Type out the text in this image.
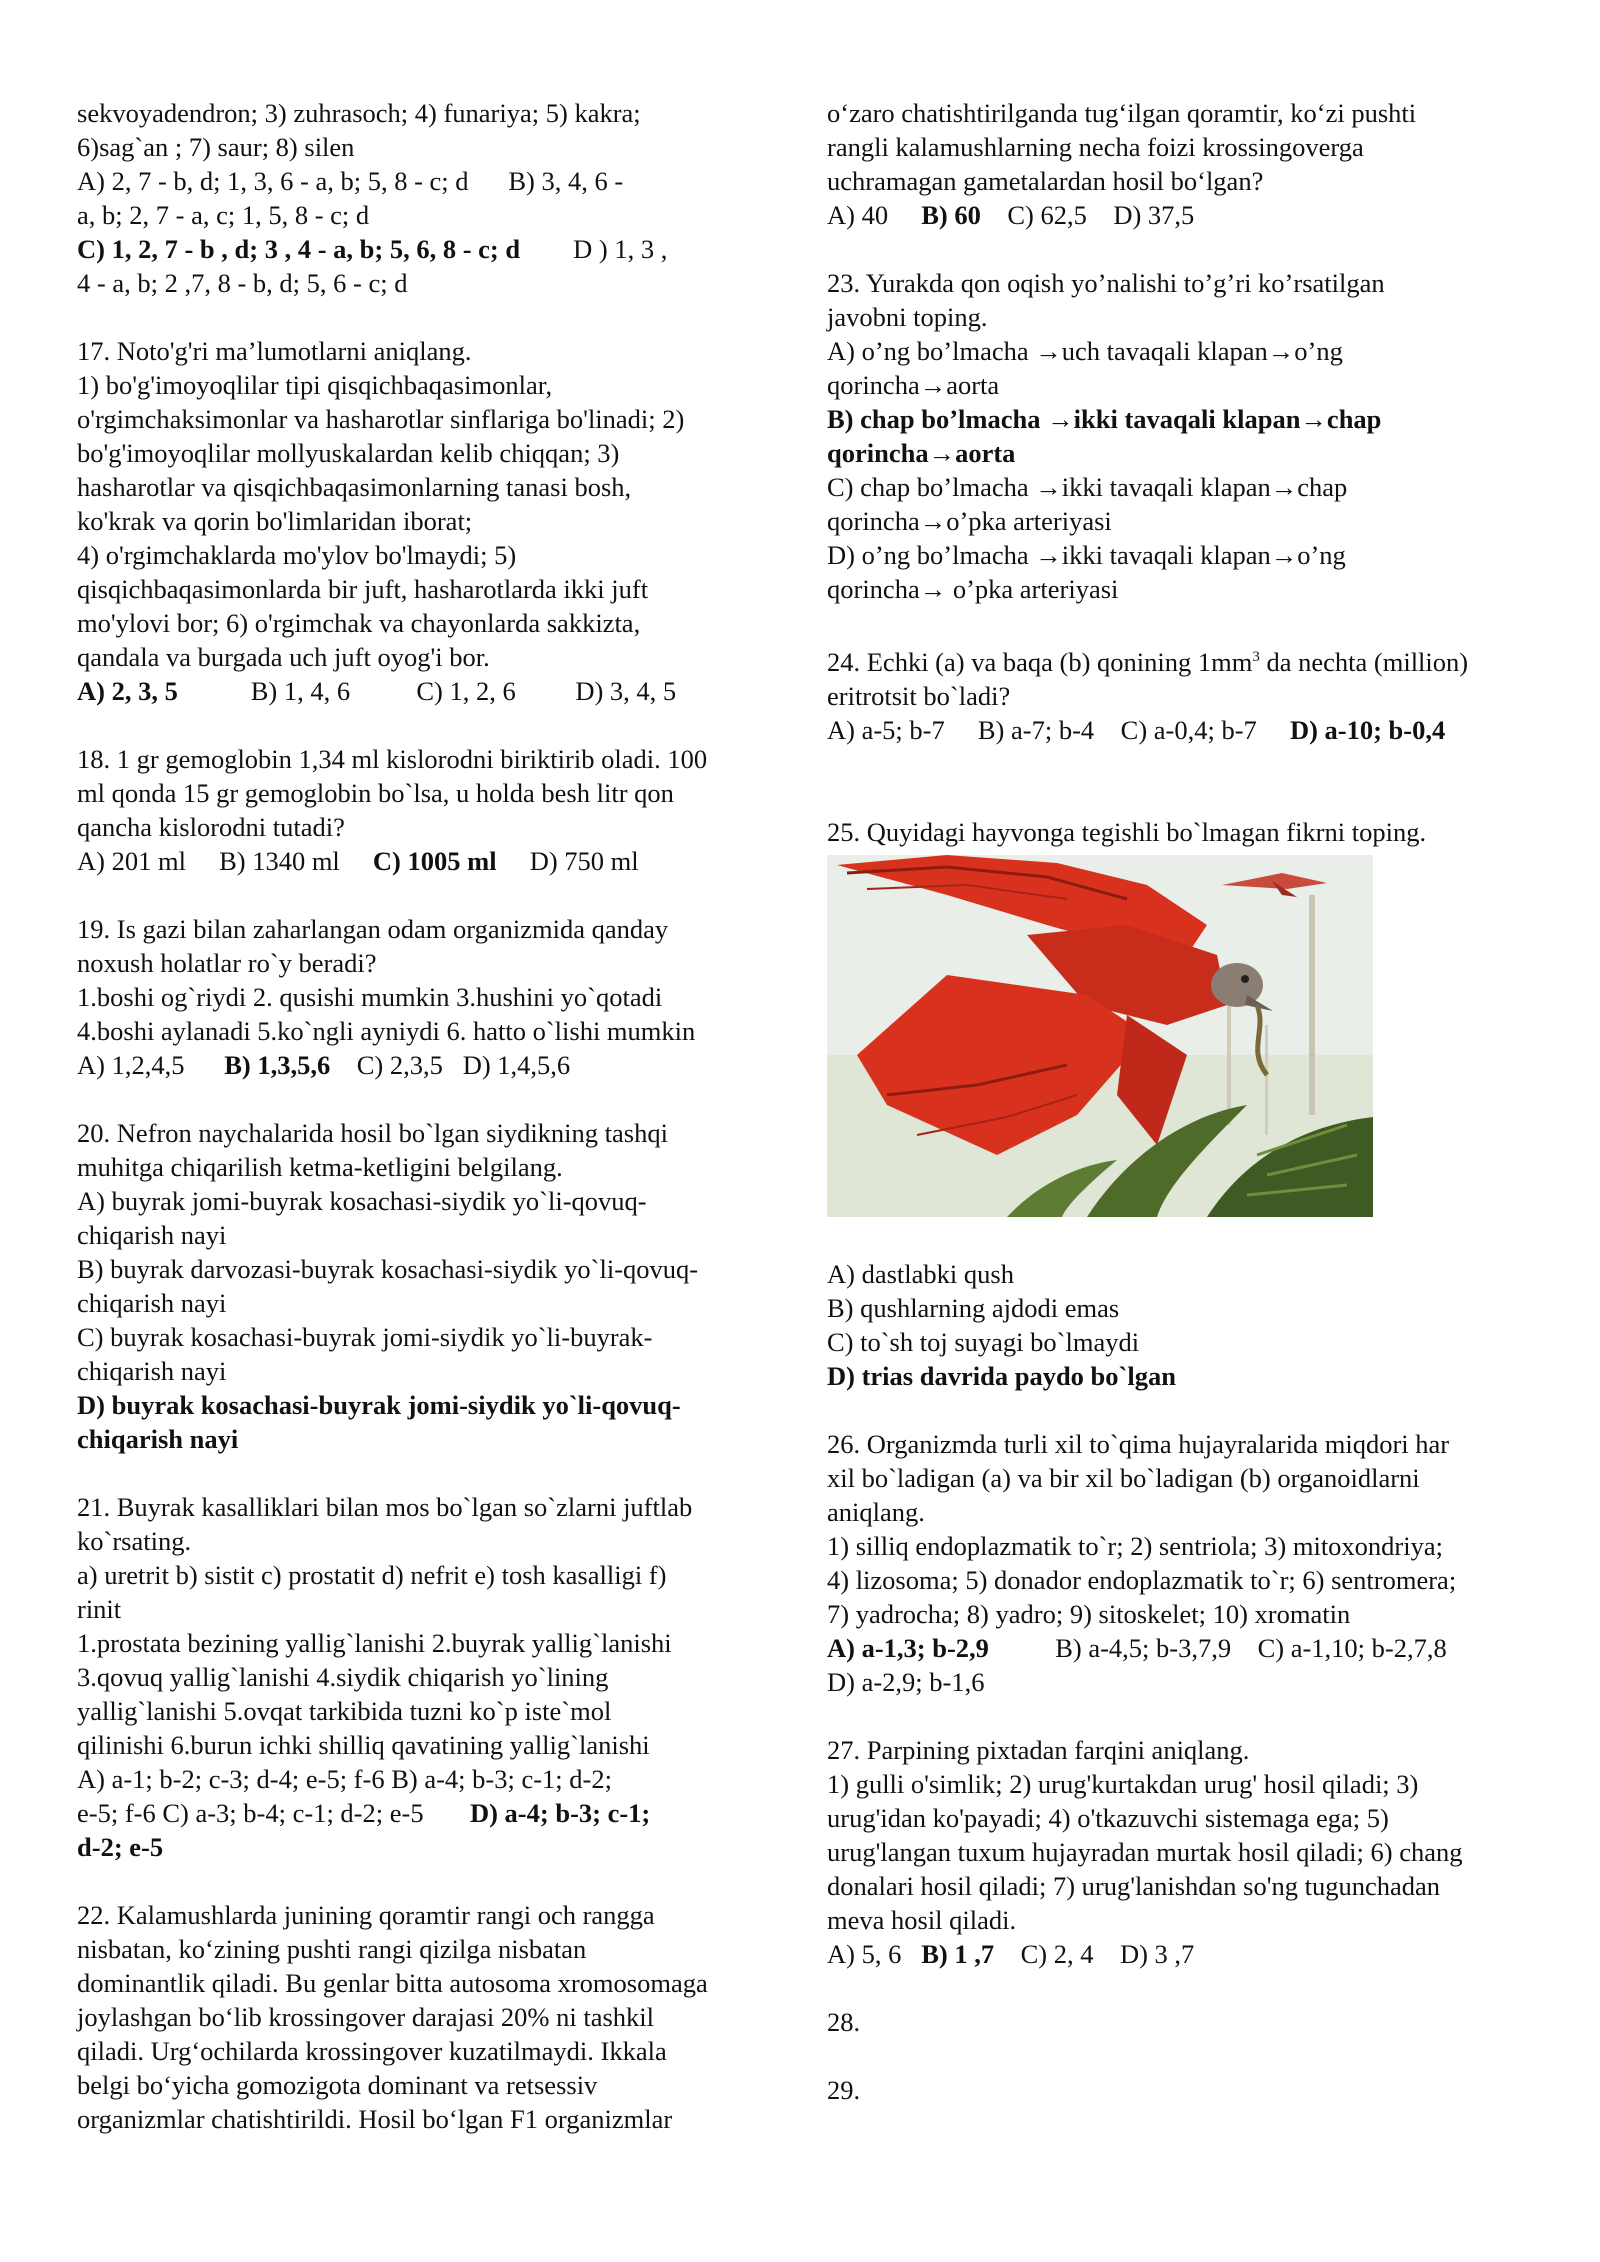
sekvoyadendron; 3) zuhrasoch; 4) funariya; 5) kakra;

6)sag`an ; 7) saur; 8) silen

A) 2, 7 - b, d; 1, 3, 6 - a, b; 5, 8 - c; d B) 3, 4, 6 -

a, b; 2, 7 - a, c; 1, 5, 8 - c; d

C) 1, 2, 7 - b , d; 3 , 4 - a, b; 5, 6, 8 - c; d D ) 1, 3 ,

4 - a, b; 2 ,7, 8 - b, d; 5, 6 - c; d

17. Noto'g'ri ma’lumotlarni aniqlang.

1) bo'g'imoyoqlilar tipi qisqichbaqasimonlar,

o'rgimchaksimonlar va hasharotlar sinflariga bo'linadi; 2)

bo'g'imoyoqlilar mollyuskalardan kelib chiqqan; 3)

hasharotlar va qisqichbaqasimonlarning tanasi bosh,

ko'krak va qorin bo'limlaridan iborat;

4) o'rgimchaklarda mo'ylov bo'lmaydi; 5)

qisqichbaqasimonlarda bir juft, hasharotlarda ikki juft

mo'ylovi bor; 6) o'rgimchak va chayonlarda sakkizta,

qandala va burgada uch juft oyog'i bor.

A) 2, 3, 5	B) 1, 4, 6	C) 1, 2, 6 D) 3, 4, 5

18. 1 gr gemoglobin 1,34 ml kislorodni biriktirib oladi. 100

ml qonda 15 gr gemoglobin bo`lsa, u holda besh litr qon

qancha kislorodni tutadi?

A) 201 ml B) 1340 ml C) 1005 ml D) 750 ml

19. Is gazi bilan zaharlangan odam organizmida qanday

noxush holatlar ro`y beradi?

1.boshi og`riydi 2. qusishi mumkin 3.hushini yo`qotadi

4.boshi aylanadi 5.ko`ngli ayniydi 6. hatto o`lishi mumkin

A) 1,2,4,5 B) 1,3,5,6 C) 2,3,5 D) 1,4,5,6

20. Nefron naychalarida hosil bo`lgan siydikning tashqi

muhitga chiqarilish ketma-ketligini belgilang.

A) buyrak jomi-buyrak kosachasi-siydik yo`li-qovuq-

chiqarish nayi

B) buyrak darvozasi-buyrak kosachasi-siydik yo`li-qovuq-

chiqarish nayi

C) buyrak kosachasi-buyrak jomi-siydik yo`li-buyrak-

chiqarish nayi

D) buyrak kosachasi-buyrak jomi-siydik yo`li-qovuq-

chiqarish nayi

21. Buyrak kasalliklari bilan mos bo`lgan so`zlarni juftlab

ko`rsating.

a) uretrit b) sistit c) prostatit d) nefrit e) tosh kasalligi f)

rinit

1.prostata bezining yallig`lanishi 2.buyrak yallig`lanishi

3.qovuq yallig`lanishi 4.siydik chiqarish yo`lining

yallig`lanishi 5.ovqat tarkibida tuzni ko`p iste`mol

qilinishi 6.burun ichki shilliq qavatining yallig`lanishi

A) a-1; b-2; c-3; d-4; e-5; f-6 B) a-4; b-3; c-1; d-2;

e-5; f-6 C) a-3; b-4; c-1; d-2; e-5 D) a-4; b-3; c-1;

d-2; e-5

22. Kalamushlarda junining qoramtir rangi och rangga

nisbatan, ko‘zining pushti rangi qizilga nisbatan

dominantlik qiladi. Bu genlar bitta autosoma xromosomaga

joylashgan bo‘lib krossingover darajasi 20% ni tashkil

qiladi. Urg‘ochilarda krossingover kuzatilmaydi. Ikkala

belgi bo‘yicha gomozigota dominant va retsessiv

organizmlar chatishtirildi. Hosil bo‘lgan F1 organizmlar

o‘zaro chatishtirilganda tug‘ilgan qoramtir, ko‘zi pushti

rangli kalamushlarning necha foizi krossingoverga

uchramagan gametalardan hosil bo‘lgan?

A) 40 B) 60 C) 62,5 D) 37,5

23. Yurakda qon oqish yo’nalishi to’g’ri ko’rsatilgan

javobni toping.

A) o’ng bo’lmacha →uch tavaqali klapan→o’ng

qorincha→aorta

B) chap bo’lmacha →ikki tavaqali klapan→chap

qorincha→aorta

C) chap bo’lmacha →ikki tavaqali klapan→chap

qorincha→o’pka arteriyasi

D) o’ng bo’lmacha →ikki tavaqali klapan→o’ng

qorincha→ o’pka arteriyasi

24. Echki (a) va baqa (b) qonining $1mm^3$ da nechta (million)

eritrotsit bo`ladi?

A) a-5; b-7 B) a-7; b-4 C) a-0,4; b-7 D) a-10; b-0,4

25. Quyidagi hayvonga tegishli bo`lmagan fikrni toping.

A) dastlabki qush

B) qushlarning ajdodi emas

C) to`sh toj suyagi bo`lmaydi

D) trias davrida paydo bo`lgan

26. Organizmda turli xil to`qima hujayralarida miqdori har

xil bo`ladigan (a) va bir xil bo`ladigan (b) organoidlarni

aniqlang.

1) silliq endoplazmatik to`r; 2) sentriola; 3) mitoxondriya;

4) lizosoma; 5) donador endoplazmatik to`r; 6) sentromera;

7) yadrocha; 8) yadro; 9) sitoskelet; 10) xromatin

A) a-1,3; b-2,9	B) a-4,5; b-3,7,9 C) a-1,10; b-2,7,8

D) a-2,9; b-1,6

27. Parpining pixtadan farqini aniqlang.

1) gulli o'simlik; 2) urug'kurtakdan urug' hosil qiladi; 3)

urug'idan ko'payadi; 4) o'tkazuvchi sistemaga ega; 5)

urug'langan tuxum hujayradan murtak hosil qiladi; 6) chang

donalari hosil qiladi; 7) urug'lanishdan so'ng tugunchadan

meva hosil qiladi.

A) 5, 6 B) 1 ,7 C) 2, 4 D) 3 ,7

28.

29.
